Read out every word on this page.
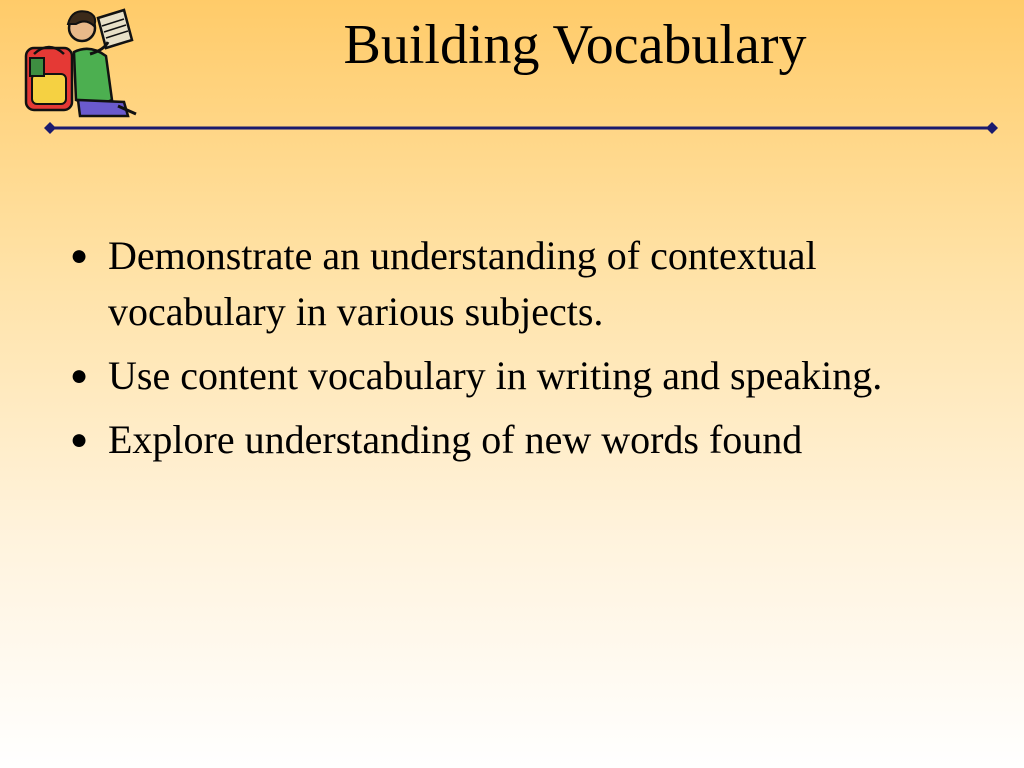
Building Vocabulary
● Demonstrate an understanding of contextual vocabulary in various subjects.
● Use content vocabulary in writing and speaking.
● Explore understanding of new words found
